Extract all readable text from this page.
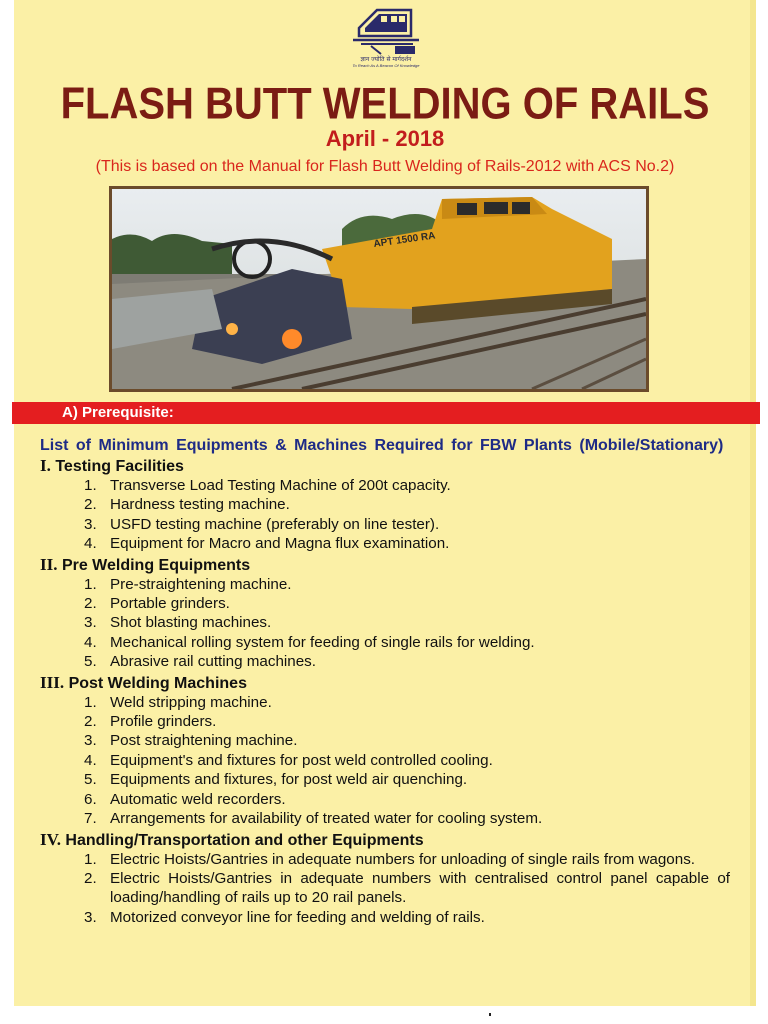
ज्ञान ज्योति से मार्गदर्शन
To Reach As A Beacon Of Knowledge
FLASH BUTT WELDING OF RAILS
April - 2018
(This is based on the Manual for Flash Butt Welding of Rails-2012 with ACS No.2)
APT 1500 RA
A) Prerequisite:
List of Minimum Equipments & Machines Required for FBW Plants (Mobile/Stationary)
I. Testing Facilities
1. Transverse Load Testing Machine of 200t capacity.
2. Hardness testing machine.
3. USFD testing machine (preferably on line tester).
4. Equipment for Macro and Magna flux examination.
II. Pre Welding Equipments
1. Pre-straightening machine.
2. Portable grinders.
3. Shot blasting machines.
4. Mechanical rolling system for feeding of single rails for welding.
5. Abrasive rail cutting machines.
III. Post Welding Machines
1. Weld stripping machine.
2. Profile grinders.
3. Post straightening machine.
4. Equipment's and fixtures for post weld controlled cooling.
5. Equipments and fixtures, for post weld air quenching.
6. Automatic weld recorders.
7. Arrangements for availability of treated water for cooling system.
IV. Handling/Transportation and other Equipments
1. Electric Hoists/Gantries in adequate numbers for unloading of single rails from wagons.
2. Electric Hoists/Gantries in adequate numbers with centralised control panel capable of loading/handling of rails up to 20 rail panels.
3. Motorized conveyor line for feeding and welding of rails.
